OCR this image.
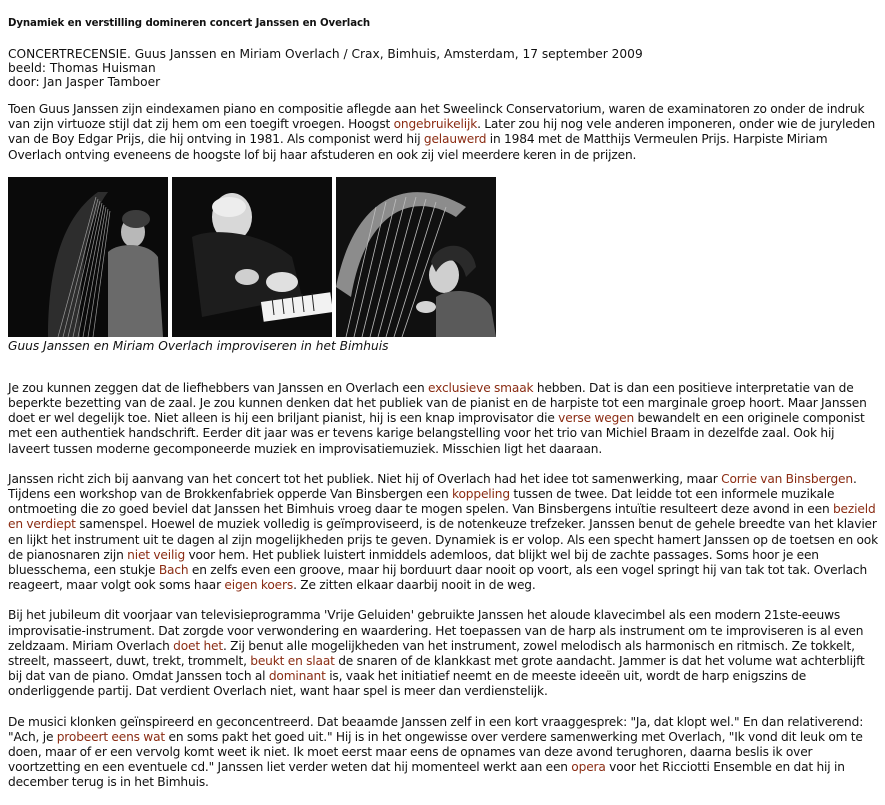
Dynamiek en verstilling domineren concert Janssen en Overlach
CONCERTRECENSIE. Guus Janssen en Miriam Overlach / Crax, Bimhuis, Amsterdam, 17 september 2009
beeld: Thomas Huisman
door: Jan Jasper Tamboer

Toen Guus Janssen zijn eindexamen piano en compositie aflegde aan het Sweelinck Conservatorium, waren de examinatoren zo onder de indruk van zijn virtuoze stijl dat zij hem om een toegift vroegen. Hoogst ongebruikelijk. Later zou hij nog vele anderen imponeren, onder wie de juryleden van de Boy Edgar Prijs, die hij ontving in 1981. Als componist werd hij gelauwerd in 1984 met de Matthijs Vermeulen Prijs. Harpiste Miriam Overlach ontving eveneens de hoogste lof bij haar afstuderen en ook zij viel meerdere keren in de prijzen.

Guus Janssen en Miriam Overlach improviseren in het Bimhuis

Je zou kunnen zeggen dat de liefhebbers van Janssen en Overlach een exclusieve smaak hebben. Dat is dan een positieve interpretatie van de beperkte bezetting van de zaal. Je zou kunnen denken dat het publiek van de pianist en de harpiste tot een marginale groep hoort. Maar Janssen doet er wel degelijk toe. Niet alleen is hij een briljant pianist, hij is een knap improvisator die verse wegen bewandelt en een originele componist met een authentiek handschrift. Eerder dit jaar was er tevens karige belangstelling voor het trio van Michiel Braam in dezelfde zaal. Ook hij laveert tussen moderne gecomponeerde muziek en improvisatiemuziek. Misschien ligt het daaraan.

Janssen richt zich bij aanvang van het concert tot het publiek. Niet hij of Overlach had het idee tot samenwerking, maar Corrie van Binsbergen. Tijdens een workshop van de Brokkenfabriek opperde Van Binsbergen een koppeling tussen de twee. Dat leidde tot een informele muzikale ontmoeting die zo goed beviel dat Janssen het Bimhuis vroeg daar te mogen spelen. Van Binsbergens intuïtie resulteert deze avond in een bezield en verdiept samenspel. Hoewel de muziek volledig is geïmproviseerd, is de notenkeuze trefzeker. Janssen benut de gehele breedte van het klavier en lijkt het instrument uit te dagen al zijn mogelijkheden prijs te geven. Dynamiek is er volop. Als een specht hamert Janssen op de toetsen en ook de pianosnaren zijn niet veilig voor hem. Het publiek luistert inmiddels ademloos, dat blijkt wel bij de zachte passages. Soms hoor je een bluesschema, een stukje Bach en zelfs even een groove, maar hij borduurt daar nooit op voort, als een vogel springt hij van tak tot tak. Overlach reageert, maar volgt ook soms haar eigen koers. Ze zitten elkaar daarbij nooit in de weg.

Bij het jubileum dit voorjaar van televisieprogramma 'Vrije Geluiden' gebruikte Janssen het aloude klavecimbel als een modern 21ste-eeuws improvisatie-instrument. Dat zorgde voor verwondering en waardering. Het toepassen van de harp als instrument om te improviseren is al even zeldzaam. Miriam Overlach doet het. Zij benut alle mogelijkheden van het instrument, zowel melodisch als harmonisch en ritmisch. Ze tokkelt, streelt, masseert, duwt, trekt, trommelt, beukt en slaat de snaren of de klankkast met grote aandacht. Jammer is dat het volume wat achterblijft bij dat van de piano. Omdat Janssen toch al dominant is, vaak het initiatief neemt en de meeste ideeën uit, wordt de harp enigszins de onderliggende partij. Dat verdient Overlach niet, want haar spel is meer dan verdienstelijk.

De musici klonken geïnspireerd en geconcentreerd. Dat beaamde Janssen zelf in een kort vraaggesprek: "Ja, dat klopt wel." En dan relativerend: "Ach, je probeert eens wat en soms pakt het goed uit." Hij is in het ongewisse over verdere samenwerking met Overlach, "Ik vond dit leuk om te doen, maar of er een vervolg komt weet ik niet. Ik moet eerst maar eens de opnames van deze avond terughoren, daarna beslis ik over voortzetting en een eventuele cd." Janssen liet verder weten dat hij momenteel werkt aan een opera voor het Ricciotti Ensemble en dat hij in december terug is in het Bimhuis.
